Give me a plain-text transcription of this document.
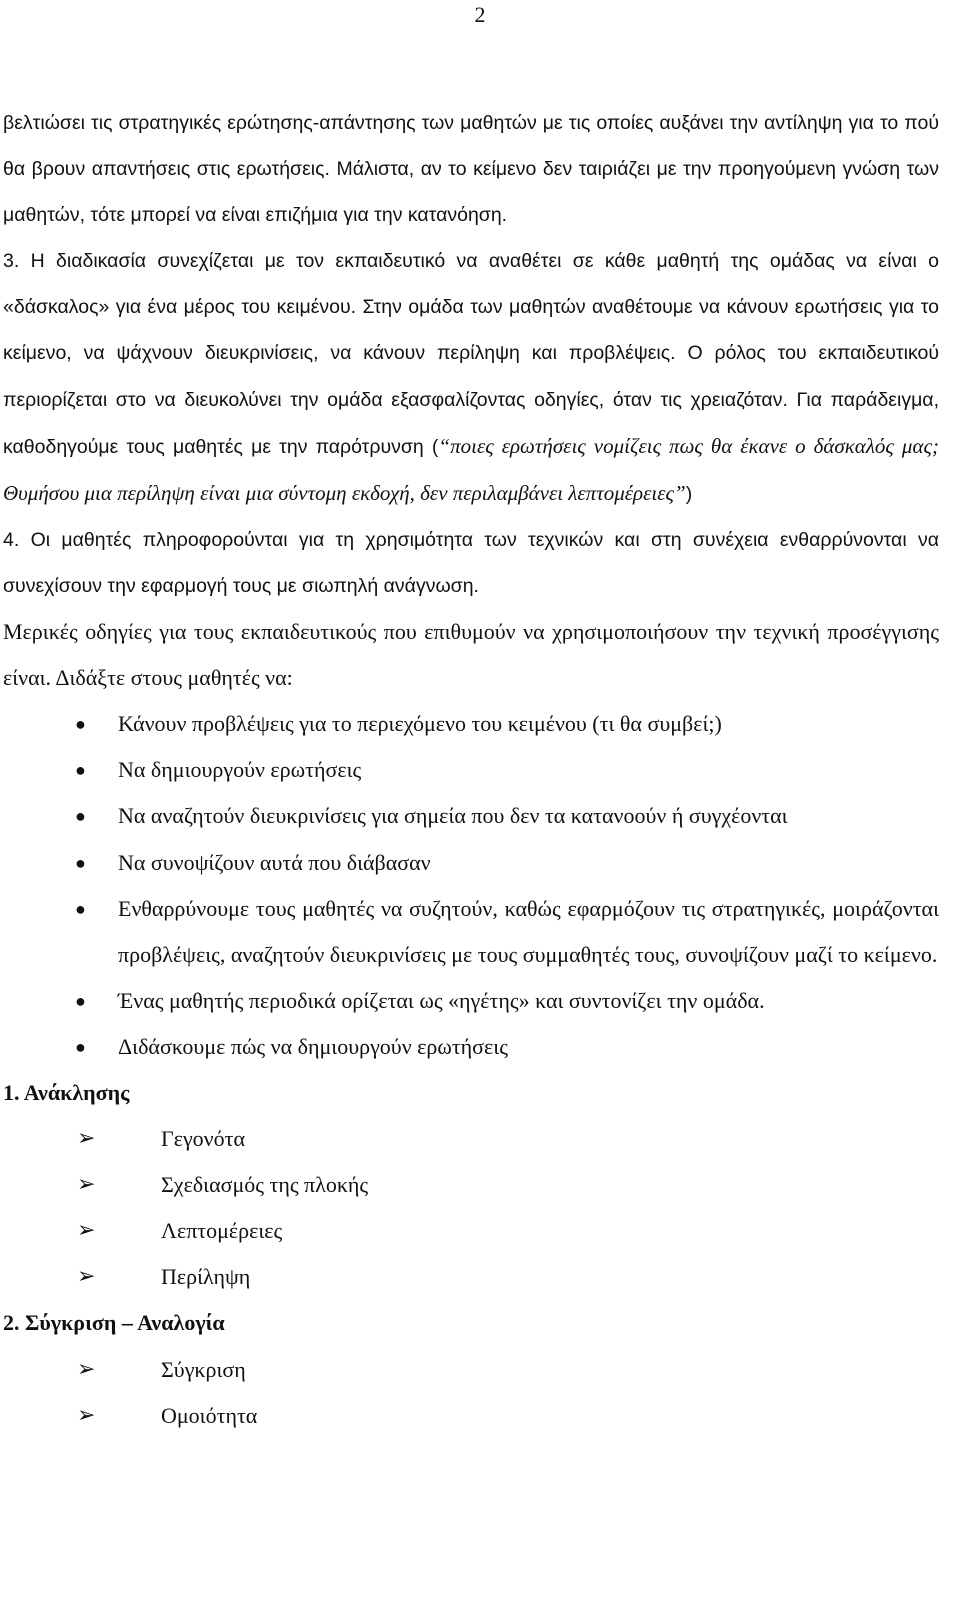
2

βελτιώσει τις στρατηγικές ερώτησης-απάντησης των μαθητών με τις οποίες αυξάνει την αντίληψη για το πού θα βρουν απαντήσεις στις ερωτήσεις. Μάλιστα, αν το κείμενο δεν ταιριάζει με την προηγούμενη γνώση των μαθητών, τότε μπορεί να είναι επιζήμια για την κατανόηση.

3. Η διαδικασία συνεχίζεται με τον εκπαιδευτικό να αναθέτει σε κάθε μαθητή της ομάδας να είναι ο «δάσκαλος» για ένα μέρος του κειμένου. Στην ομάδα των μαθητών αναθέτουμε να κάνουν ερωτήσεις για το κείμενο, να ψάχνουν διευκρινίσεις, να κάνουν περίληψη και προβλέψεις. Ο ρόλος του εκπαιδευτικού περιορίζεται στο να διευκολύνει την ομάδα εξασφαλίζοντας οδηγίες, όταν τις χρειαζόταν. Για παράδειγμα, καθοδηγούμε τους μαθητές με την παρότρυνση (“ποιες ερωτήσεις νομίζεις πως θα έκανε ο δάσκαλός μας; Θυμήσου μια περίληψη είναι μια σύντομη εκδοχή, δεν περιλαμβάνει λεπτομέρειες”)

4. Οι μαθητές πληροφορούνται για τη χρησιμότητα των τεχνικών και στη συνέχεια ενθαρρύνονται να συνεχίσουν την εφαρμογή τους με σιωπηλή ανάγνωση.

Μερικές οδηγίες για τους εκπαιδευτικούς που επιθυμούν να χρησιμοποιήσουν την τεχνική προσέγγισης είναι. Διδάξτε στους μαθητές να:

● Κάνουν προβλέψεις για το περιεχόμενο του κειμένου (τι θα συμβεί;)

● Να δημιουργούν ερωτήσεις

● Να αναζητούν διευκρινίσεις για σημεία που δεν τα κατανοούν ή συγχέονται

● Να συνοψίζουν αυτά που διάβασαν

● Ενθαρρύνουμε τους μαθητές να συζητούν, καθώς εφαρμόζουν τις στρατηγικές, μοιράζονται προβλέψεις, αναζητούν διευκρινίσεις με τους συμμαθητές τους, συνοψίζουν μαζί το κείμενο.

● Ένας μαθητής περιοδικά ορίζεται ως «ηγέτης» και συντονίζει την ομάδα.

● Διδάσκουμε πώς να δημιουργούν ερωτήσεις

1. Ανάκλησης

➢	Γεγονότα

➢	Σχεδιασμός της πλοκής

➢	Λεπτομέρειες

➢	Περίληψη

2. Σύγκριση – Αναλογία

➢	Σύγκριση

➢	Ομοιότητα
